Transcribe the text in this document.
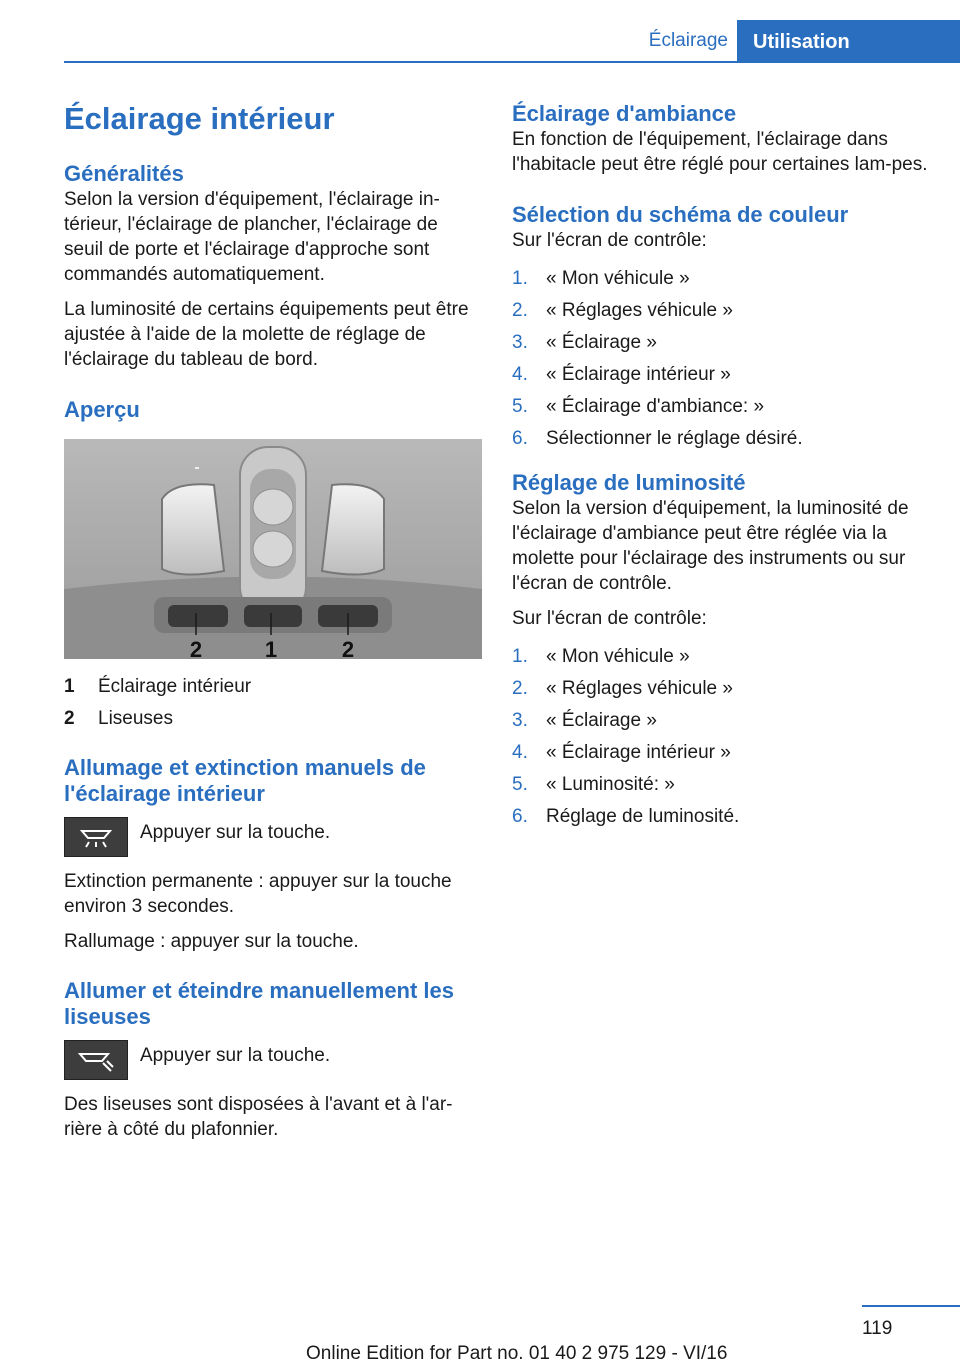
Éclairage	Utilisation
Éclairage intérieur
Généralités

Selon la version d'équipement, l'éclairage in-térieur, l'éclairage de plancher, l'éclairage de seuil de porte et l'éclairage d'approche sont commandés automatiquement.

La luminosité de certains équipements peut être ajustée à l'aide de la molette de réglage de l'éclairage du tableau de bord.

Aperçu
2	1	2
1	Éclairage intérieur
2	Liseuses
Allumage et extinction manuels de l'éclairage intérieur
Appuyer sur la touche.

Extinction permanente : appuyer sur la touche environ 3 secondes.

Rallumage : appuyer sur la touche.

Allumer et éteindre manuellement les liseuses
Appuyer sur la touche.

Des liseuses sont disposées à l'avant et à l'ar-rière à côté du plafonnier.

Éclairage d'ambiance

En fonction de l'équipement, l'éclairage dans l'habitacle peut être réglé pour certaines lam-pes.

Sélection du schéma de couleur

Sur l'écran de contrôle:

1. « Mon véhicule »
2. « Réglages véhicule »
3. « Éclairage »
4. « Éclairage intérieur »
5. « Éclairage d'ambiance: »
6. Sélectionner le réglage désiré.
Réglage de luminosité

Selon la version d'équipement, la luminosité de l'éclairage d'ambiance peut être réglée via la molette pour l'éclairage des instruments ou sur l'écran de contrôle.

Sur l'écran de contrôle:

1. « Mon véhicule »
2. « Réglages véhicule »
3. « Éclairage »
4. « Éclairage intérieur »
5. « Luminosité: »
6. Réglage de luminosité.
119
Online Edition for Part no. 01 40 2 975 129 - VI/16
